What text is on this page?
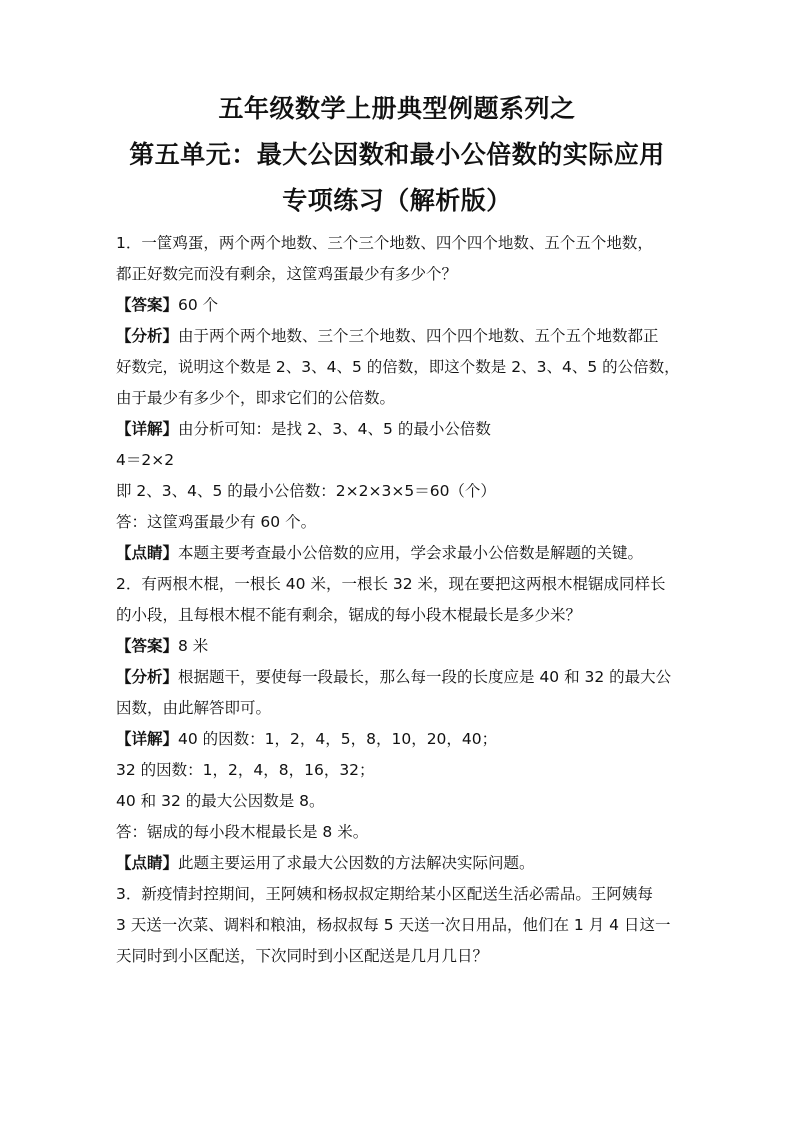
五年级数学上册典型例题系列之
第五单元：最大公因数和最小公倍数的实际应用
专项练习（解析版）

1．一筐鸡蛋，两个两个地数、三个三个地数、四个四个地数、五个五个地数，

都正好数完而没有剩余，这筐鸡蛋最少有多少个？

【答案】60 个

【分析】由于两个两个地数、三个三个地数、四个四个地数、五个五个地数都正

好数完，说明这个数是 2、3、4、5 的倍数，即这个数是 2、3、4、5 的公倍数，

由于最少有多少个，即求它们的公倍数。

【详解】由分析可知：是找 2、3、4、5 的最小公倍数

4＝2×2

即 2、3、4、5 的最小公倍数：2×2×3×5＝60（个）

答：这筐鸡蛋最少有 60 个。

【点睛】本题主要考查最小公倍数的应用，学会求最小公倍数是解题的关键。

2．有两根木棍，一根长 40 米，一根长 32 米，现在要把这两根木棍锯成同样长

的小段，且每根木棍不能有剩余，锯成的每小段木棍最长是多少米？

【答案】8 米

【分析】根据题干，要使每一段最长，那么每一段的长度应是 40 和 32 的最大公

因数，由此解答即可。

【详解】40 的因数：1，2，4，5，8，10，20，40；

32 的因数：1，2，4，8，16，32；

40 和 32 的最大公因数是 8。

答：锯成的每小段木棍最长是 8 米。

【点睛】此题主要运用了求最大公因数的方法解决实际问题。

3．新疫情封控期间，王阿姨和杨叔叔定期给某小区配送生活必需品。王阿姨每

3 天送一次菜、调料和粮油，杨叔叔每 5 天送一次日用品，他们在 1 月 4 日这一

天同时到小区配送，下次同时到小区配送是几月几日？
